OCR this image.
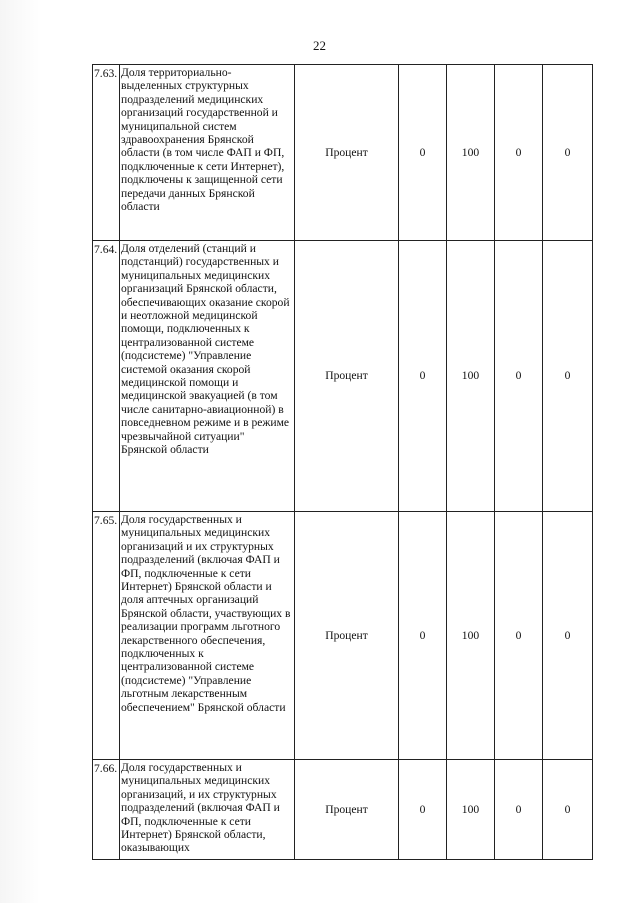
22
7.63.	Доля территориально-выделенных структурных подразделений медицинских организаций государственной и муниципальной систем здравоохранения Брянской области (в том числе ФАП и ФП, подключенные к сети Интернет), подключены к защищенной сети передачи данных Брянской области	Процент	0	100	0	0
7.64.	Доля отделений (станций и подстанций) государственных и муниципальных медицинских организаций Брянской области, обеспечивающих оказание скорой и неотложной медицинской помощи, подключенных к централизованной системе (подсистеме) "Управление системой оказания скорой медицинской помощи и медицинской эвакуацией (в том числе санитарно-авиационной) в повседневном режиме и в режиме чрезвычайной ситуации" Брянской области	Процент	0	100	0	0
7.65.	Доля государственных и муниципальных медицинских организаций и их структурных подразделений (включая ФАП и ФП, подключенные к сети Интернет) Брянской области и доля аптечных организаций Брянской области, участвующих в реализации программ льготного лекарственного обеспечения, подключенных к централизованной системе (подсистеме) "Управление льготным лекарственным обеспечением" Брянской области	Процент	0	100	0	0
7.66.	Доля государственных и муниципальных медицинских организаций, и их структурных подразделений (включая ФАП и ФП, подключенные к сети Интернет) Брянской области, оказывающих	Процент	0	100	0	0
